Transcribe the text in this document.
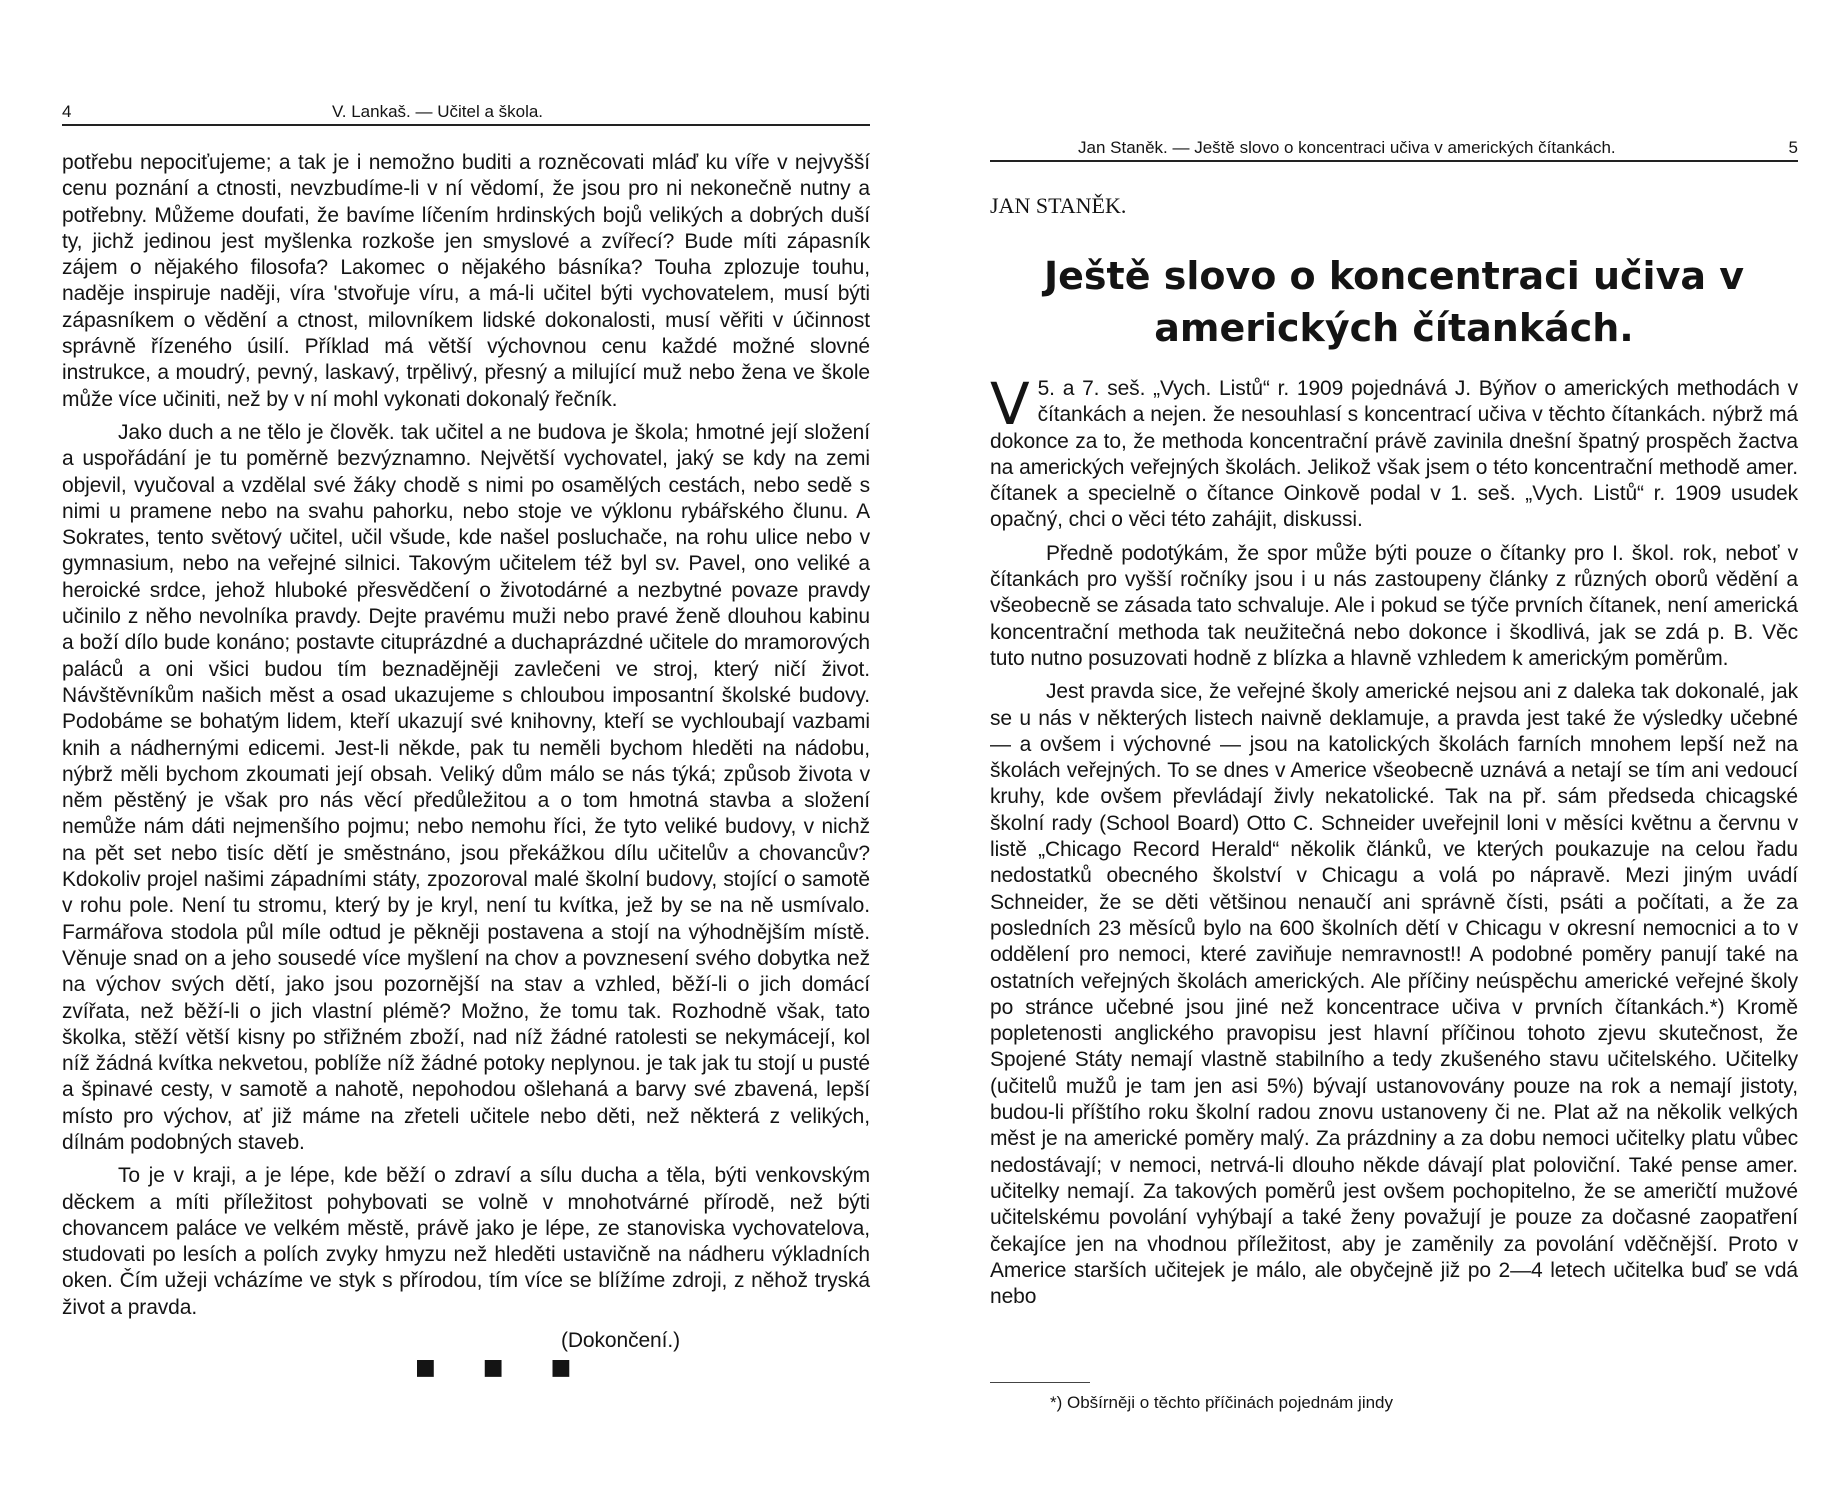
4	V. Lankaš. — Učitel a škola.

potřebu nepociťujeme; a tak je i nemožno buditi a rozněcovati mláď ku víře v nejvyšší cenu poznání a ctnosti, nevzbudíme-li v ní vědomí, že jsou pro ni nekonečně nutny a potřebny. Můžeme doufati, že bavíme líčením hrdinských bojů velikých a dobrých duší ty, jichž jedinou jest myšlenka rozkoše jen smyslové a zvířecí? Bude míti zápasník zájem o nějakého filosofa? Lakomec o nějakého básníka? Touha zplozuje touhu, naděje inspiruje naději, víra 'stvořuje víru, a má-li učitel býti vychovatelem, musí býti zápasníkem o vědění a ctnost, milovníkem lidské dokonalosti, musí věřiti v účinnost správně řízeného úsilí. Příklad má větší výchovnou cenu každé možné slovné instrukce, a moudrý, pevný, laskavý, trpělivý, přesný a milující muž nebo žena ve škole může více učiniti, než by v ní mohl vykonati dokonalý řečník.

Jako duch a ne tělo je člověk. tak učitel a ne budova je škola; hmotné její složení a uspořádání je tu poměrně bezvýznamno. Největší vychovatel, jaký se kdy na zemi objevil, vyučoval a vzdělal své žáky chodě s nimi po osamělých cestách, nebo sedě s nimi u pramene nebo na svahu pahorku, nebo stoje ve výklonu rybářského člunu. A Sokrates, tento světový učitel, učil všude, kde našel posluchače, na rohu ulice nebo v gymnasium, nebo na veřejné silnici. Takovým učitelem též byl sv. Pavel, ono veliké a heroické srdce, jehož hluboké přesvědčení o životodárné a nezbytné povaze pravdy učinilo z něho nevolníka pravdy. Dejte pravému muži nebo pravé ženě dlouhou kabinu a boží dílo bude konáno; postavte cituprázdné a duchaprázdné učitele do mramorových paláců a oni všici budou tím beznadějněji zavlečeni ve stroj, který ničí život. Návštěvníkům našich měst a osad ukazujeme s chloubou imposantní školské budovy. Podobáme se bohatým lidem, kteří ukazují své knihovny, kteří se vychloubají vazbami knih a nádhernými edicemi. Jest-li někde, pak tu neměli bychom hleděti na nádobu, nýbrž měli bychom zkoumati její obsah. Veliký dům málo se nás týká; způsob života v něm pěstěný je však pro nás věcí předůležitou a o tom hmotná stavba a složení nemůže nám dáti nejmenšího pojmu; nebo nemohu říci, že tyto veliké budovy, v nichž na pět set nebo tisíc dětí je směstnáno, jsou překážkou dílu učitelův a chovancův? Kdokoliv projel našimi západními státy, zpozoroval malé školní budovy, stojící o samotě v rohu pole. Není tu stromu, který by je kryl, není tu kvítka, jež by se na ně usmívalo. Farmářova stodola půl míle odtud je pěkněji postavena a stojí na výhodnějším místě. Věnuje snad on a jeho sousedé více myšlení na chov a povznesení svého dobytka než na výchov svých dětí, jako jsou pozornější na stav a vzhled, běží-li o jich domácí zvířata, než běží-li o jich vlastní plémě? Možno, že tomu tak. Rozhodně však, tato školka, stěží větší kisny po střižném zboží, nad níž žádné ratolesti se nekymácejí, kol níž žádná kvítka nekvetou, poblíže níž žádné potoky neplynou. je tak jak tu stojí u pusté a špinavé cesty, v samotě a nahotě, nepohodou ošlehaná a barvy své zbavená, lepší místo pro výchov, ať již máme na zřeteli učitele nebo děti, než některá z velikých, dílnám podobných staveb.

To je v kraji, a je lépe, kde běží o zdraví a sílu ducha a těla, býti venkovským děckem a míti příležitost pohybovati se volně v mnohotvárné přírodě, než býti chovancem paláce ve velkém městě, právě jako je lépe, ze stanoviska vychovatelova, studovati po lesích a polích zvyky hmyzu než hleděti ustavičně na nádheru výkladních oken. Čím užeji vcházíme ve styk s přírodou, tím více se blížíme zdroji, z něhož tryská život a pravda.

(Dokončení.)

■ ■ ■
Jan Staněk. — Ještě slovo o koncentraci učiva v amerických čítankách.	5
JAN STANĚK.
Ještě slovo o koncentraci učiva v amerických čítankách.

V 5. a 7. seš. „Vych. Listů“ r. 1909 pojednává J. Býňov o amerických methodách v čítankách a nejen. že nesouhlasí s koncentrací učiva v těchto čítankách. nýbrž má dokonce za to, že methoda koncentrační právě zavinila dnešní špatný prospěch žactva na amerických veřejných školách. Jelikož však jsem o této koncentrační methodě amer. čítanek a specielně o čítance Oinkově podal v 1. seš. „Vych. Listů“ r. 1909 usudek opačný, chci o věci této zahájit, diskussi.

Předně podotýkám, že spor může býti pouze o čítanky pro I. škol. rok, neboť v čítankách pro vyšší ročníky jsou i u nás zastoupeny články z různých oborů vědění a všeobecně se zásada tato schvaluje. Ale i pokud se týče prvních čítanek, není americká koncentrační methoda tak neužitečná nebo dokonce i škodlivá, jak se zdá p. B. Věc tuto nutno posuzovati hodně z blízka a hlavně vzhledem k americkým poměrům.

Jest pravda sice, že veřejné školy americké nejsou ani z daleka tak dokonalé, jak se u nás v některých listech naivně deklamuje, a pravda jest také že výsledky učebné — a ovšem i výchovné — jsou na katolických školách farních mnohem lepší než na školách veřejných. To se dnes v Americe všeobecně uznává a netají se tím ani vedoucí kruhy, kde ovšem převládají živly nekatolické. Tak na př. sám předseda chicagské školní rady (School Board) Otto C. Schneider uveřejnil loni v měsíci květnu a červnu v listě „Chicago Record Herald“ několik článků, ve kterých poukazuje na celou řadu nedostatků obecného školství v Chicagu a volá po nápravě. Mezi jiným uvádí Schneider, že se děti většinou nenaučí ani správně čísti, psáti a počítati, a že za posledních 23 měsíců bylo na 600 školních dětí v Chicagu v okresní nemocnici a to v oddělení pro nemoci, které zaviňuje nemravnost!! A podobné poměry panují také na ostatních veřejných školách amerických. Ale příčiny neúspěchu americké veřejné školy po stránce učebné jsou jiné než koncentrace učiva v prvních čítankách.*) Kromě popletenosti anglického pravopisu jest hlavní příčinou tohoto zjevu skutečnost, že Spojené Státy nemají vlastně stabilního a tedy zkušeného stavu učitelského. Učitelky (učitelů mužů je tam jen asi 5%) bývají ustanovovány pouze na rok a nemají jistoty, budou-li příštího roku školní radou znovu ustanoveny či ne. Plat až na několik velkých měst je na americké poměry malý. Za prázdniny a za dobu nemoci učitelky platu vůbec nedostávají; v nemoci, netrvá-li dlouho někde dávají plat poloviční. Také pense amer. učitelky nemají. Za takových poměrů jest ovšem pochopitelno, že se američtí mužové učitelskému povolání vyhýbají a také ženy považují je pouze za dočasné zaopatření čekajíce jen na vhodnou příležitost, aby je zaměnily za povolání vděčnější. Proto v Americe starších učitejek je málo, ale obyčejně již po 2—4 letech učitelka buď se vdá nebo

*) Obšírněji o těchto příčinách pojednám jindy
